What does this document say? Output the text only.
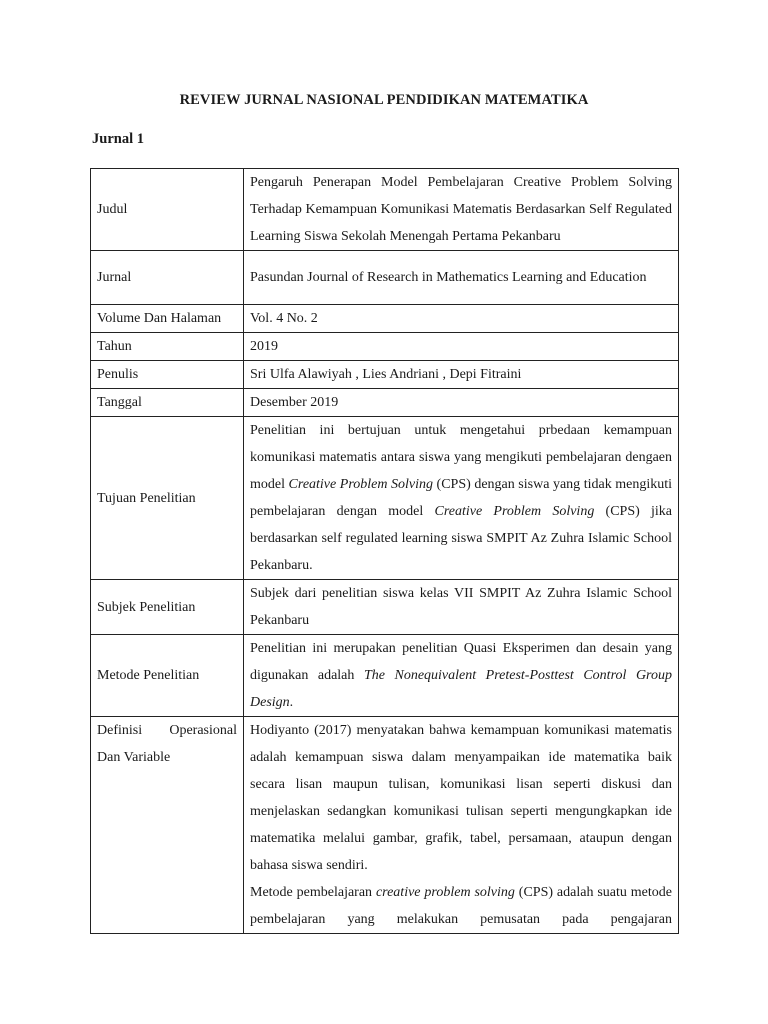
REVIEW JURNAL NASIONAL PENDIDIKAN MATEMATIKA
Jurnal 1
Judul	Pengaruh Penerapan Model Pembelajaran Creative Problem Solving Terhadap Kemampuan Komunikasi Matematis Berdasarkan Self Regulated Learning Siswa Sekolah Menengah Pertama Pekanbaru
Jurnal	Pasundan Journal of Research in Mathematics Learning and Education
Volume Dan Halaman	Vol. 4 No. 2
Tahun	2019
Penulis	Sri Ulfa Alawiyah , Lies Andriani , Depi Fitraini
Tanggal	Desember 2019
Tujuan Penelitian	Penelitian ini bertujuan untuk mengetahui prbedaan kemampuan komunikasi matematis antara siswa yang mengikuti pembelajaran dengaen model Creative Problem Solving (CPS) dengan siswa yang tidak mengikuti pembelajaran dengan model Creative Problem Solving (CPS) jika berdasarkan self regulated learning siswa SMPIT Az Zuhra Islamic School Pekanbaru.
Subjek Penelitian	Subjek dari penelitian siswa kelas VII SMPIT Az Zuhra Islamic School Pekanbaru
Metode Penelitian	Penelitian ini merupakan penelitian Quasi Eksperimen dan desain yang digunakan adalah The Nonequivalent Pretest-Posttest Control Group Design.

Definisi Operasional
Dan Variable	Hodiyanto (2017) menyatakan bahwa kemampuan komunikasi matematis adalah kemampuan siswa dalam menyampaikan ide matematika baik secara lisan maupun tulisan, komunikasi lisan seperti diskusi dan menjelaskan sedangkan komunikasi tulisan seperti mengungkapkan ide matematika melalui gambar, grafik, tabel, persamaan, ataupun dengan bahasa siswa sendiri.
Metode pembelajaran creative problem solving (CPS) adalah suatu metode pembelajaran yang melakukan pemusatan pada pengajaran
